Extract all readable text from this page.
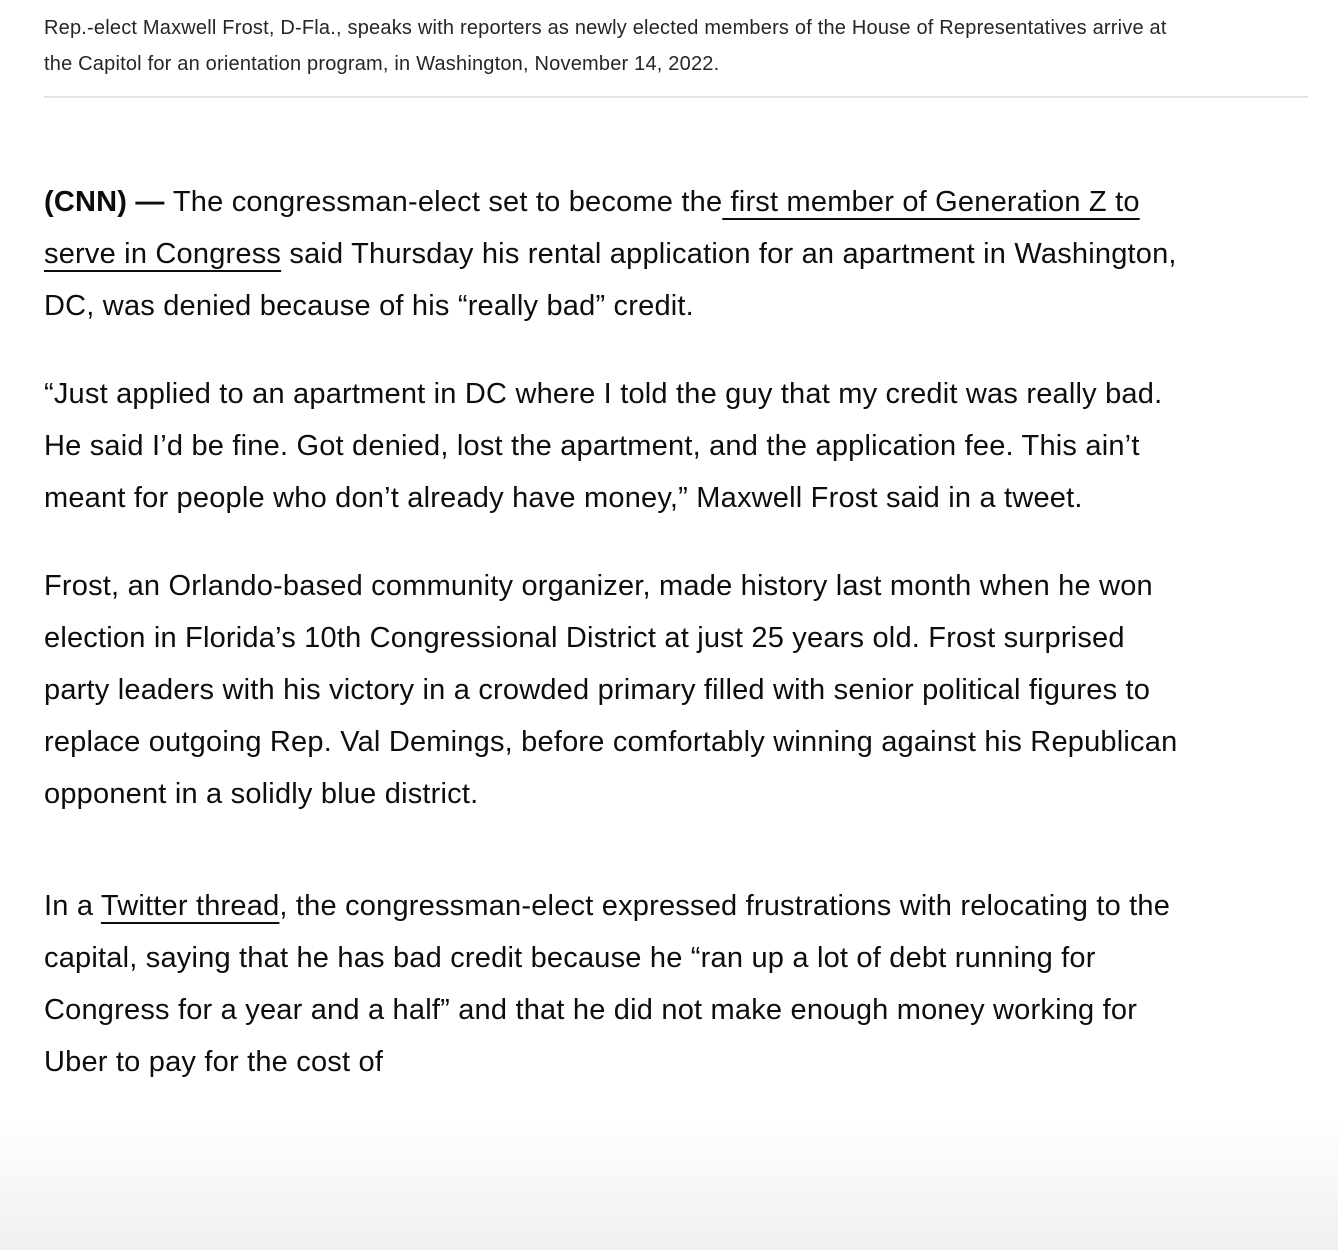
Rep.-elect Maxwell Frost, D-Fla., speaks with reporters as newly elected members of the House of Representatives arrive at the Capitol for an orientation program, in Washington, November 14, 2022.

(CNN) — The congressman-elect set to become the first member of Generation Z to serve in Congress said Thursday his rental application for an apartment in Washington, DC, was denied because of his “really bad” credit.

“Just applied to an apartment in DC where I told the guy that my credit was really bad. He said I’d be fine. Got denied, lost the apartment, and the application fee. This ain’t meant for people who don’t already have money,” Maxwell Frost said in a tweet.

Frost, an Orlando-based community organizer, made history last month when he won election in Florida’s 10th Congressional District at just 25 years old. Frost surprised party leaders with his victory in a crowded primary filled with senior political figures to replace outgoing Rep. Val Demings, before comfortably winning against his Republican opponent in a solidly blue district.

In a Twitter thread, the congressman-elect expressed frustrations with relocating to the capital, saying that he has bad credit because he “ran up a lot of debt running for Congress for a year and a half” and that he did not make enough money working for Uber to pay for the cost of
